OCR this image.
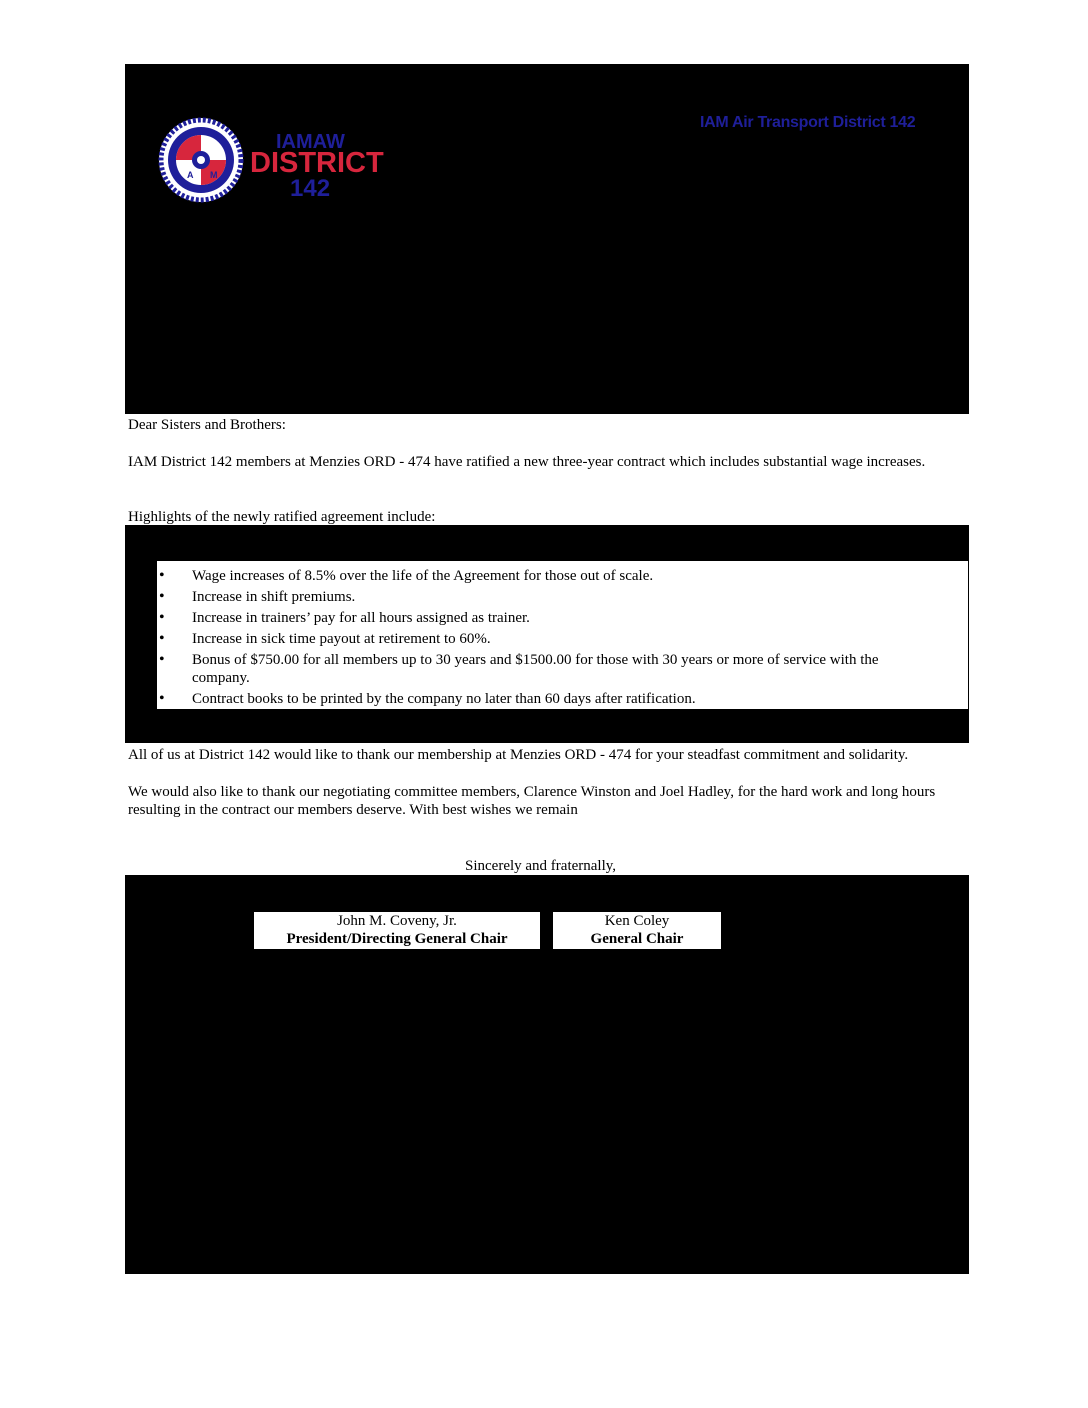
A M
IAMAW
DISTRICT
142
IAM Air Transport District 142
Dear Sisters and Brothers:
IAM District 142 members at Menzies ORD - 474 have ratified a new three-year contract which includes substantial wage increases.
Highlights of the newly ratified agreement include:
• Wage increases of 8.5% over the life of the Agreement for those out of scale.
• Increase in shift premiums.
• Increase in trainers’ pay for all hours assigned as trainer.
• Increase in sick time payout at retirement to 60%.
• Bonus of $750.00 for all members up to 30 years and $1500.00 for those with 30 years or more of service with the company.
• Contract books to be printed by the company no later than 60 days after ratification.
All of us at District 142 would like to thank our membership at Menzies ORD - 474 for your steadfast commitment and solidarity.
We would also like to thank our negotiating committee members, Clarence Winston and Joel Hadley, for the hard work and long hours resulting in the contract our members deserve. With best wishes we remain
Sincerely and fraternally,
John M. Coveny, Jr.
President/Directing General Chair
Ken Coley
General Chair
